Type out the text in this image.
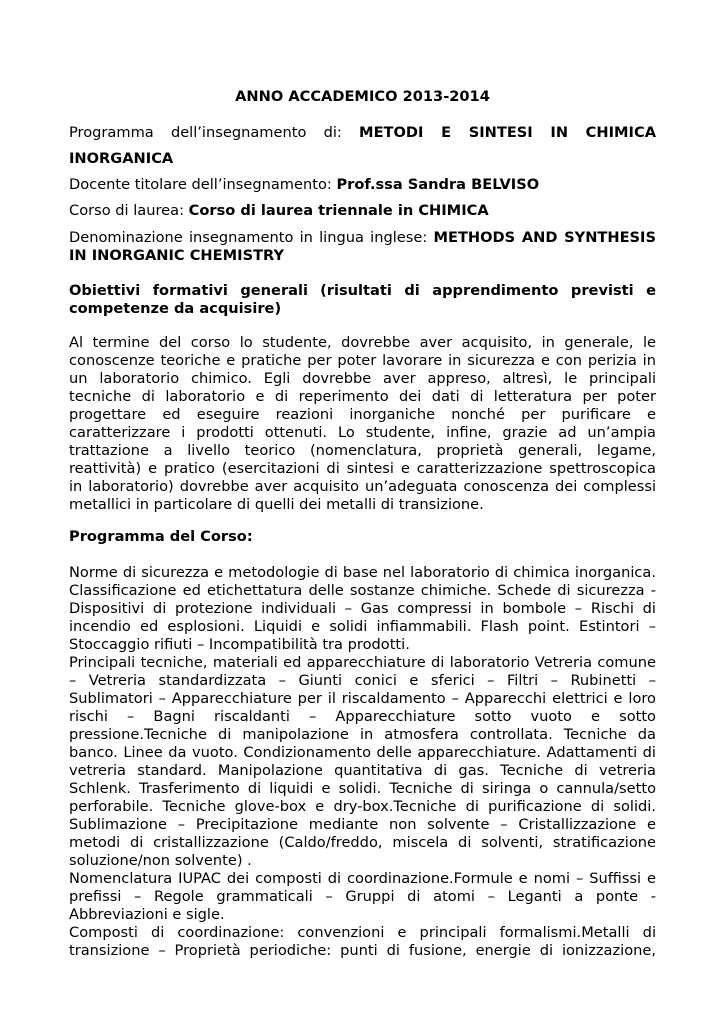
ANNO ACCADEMICO 2013-2014
Programma dell’insegnamento di: METODI E SINTESI IN CHIMICA
INORGANICA
Docente titolare dell’insegnamento: Prof.ssa Sandra BELVISO
Corso di laurea: Corso di laurea triennale in CHIMICA
Denominazione insegnamento in lingua inglese: METHODS AND SYNTHESIS
IN INORGANIC CHEMISTRY
Obiettivi formativi generali (risultati di apprendimento previsti e
competenze da acquisire)
Al termine del corso lo studente, dovrebbe aver acquisito, in generale, le
conoscenze teoriche e pratiche per poter lavorare in sicurezza e con perizia in
un laboratorio chimico. Egli dovrebbe aver appreso, altresì, le principali
tecniche di laboratorio e di reperimento dei dati di letteratura per poter
progettare ed eseguire reazioni inorganiche nonché per purificare e
caratterizzare i prodotti ottenuti. Lo studente, infine, grazie ad un’ampia
trattazione a livello teorico (nomenclatura, proprietà generali, legame,
reattività) e pratico (esercitazioni di sintesi e caratterizzazione spettroscopica
in laboratorio) dovrebbe aver acquisito un’adeguata conoscenza dei complessi
metallici in particolare di quelli dei metalli di transizione.
Programma del Corso:
Norme di sicurezza e metodologie di base nel laboratorio di chimica inorganica.
Classificazione ed etichettatura delle sostanze chimiche. Schede di sicurezza -
Dispositivi di protezione individuali – Gas compressi in bombole – Rischi di
incendio ed esplosioni. Liquidi e solidi infiammabili. Flash point. Estintori –
Stoccaggio rifiuti – Incompatibilità tra prodotti.
Principali tecniche, materiali ed apparecchiature di laboratorio Vetreria comune
– Vetreria standardizzata – Giunti conici e sferici – Filtri – Rubinetti –
Sublimatori – Apparecchiature per il riscaldamento – Apparecchi elettrici e loro
rischi – Bagni riscaldanti – Apparecchiature sotto vuoto e sotto
pressione.Tecniche di manipolazione in atmosfera controllata. Tecniche da
banco. Linee da vuoto. Condizionamento delle apparecchiature. Adattamenti di
vetreria standard. Manipolazione quantitativa di gas. Tecniche di vetreria
Schlenk. Trasferimento di liquidi e solidi. Tecniche di siringa o cannula/setto
perforabile. Tecniche glove-box e dry-box.Tecniche di purificazione di solidi.
Sublimazione – Precipitazione mediante non solvente – Cristallizzazione e
metodi di cristallizzazione (Caldo/freddo, miscela di solventi, stratificazione
soluzione/non solvente) .
Nomenclatura IUPAC dei composti di coordinazione.Formule e nomi – Suffissi e
prefissi – Regole grammaticali – Gruppi di atomi – Leganti a ponte -
Abbreviazioni e sigle.
Composti di coordinazione: convenzioni e principali formalismi.Metalli di
transizione – Proprietà periodiche: punti di fusione, energie di ionizzazione,
